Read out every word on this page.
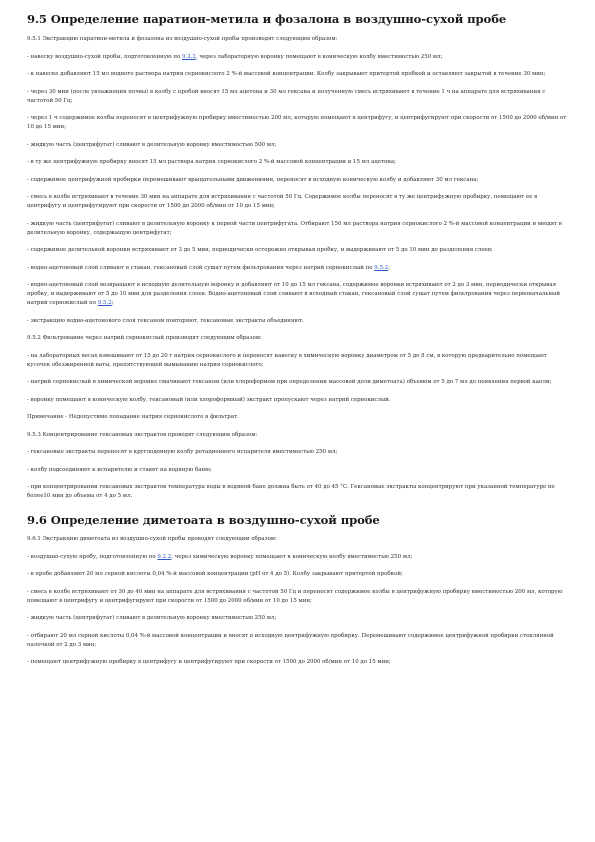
9.5 Определение паратион-метила и фозалона в воздушно-сухой пробе

9.5.1 Экстракцию паратион-метила и фозалона из воздушно-сухой пробы производят следующим образом:

- навеску воздушно-сухой пробы, подготовленную по 9.2.2, через лабораторную воронку помещают в коническую колбу вместимостью 250 мл;

- к навеске добавляют 15 мл водного раствора натрия сернокислого 2 %-й массовой концентрации. Колбу закрывают притертой пробкой и оставляют закрытой в течение 30 мин;

- через 30 мин (после увлажнения почвы) в колбу с пробой вносят 15 мл ацетона и 30 мл гексана и полученную смесь встряхивают в течение 1 ч на аппарате для встряхивания с частотой 50 Гц;

- через 1 ч содержимое колбы переносят в центрифужную пробирку вместимостью 200 мл, которую помещают в центрифугу, и центрифугируют при скорости от 1500 до 2000 об/мин от 10 до 15 мин;

- жидкую часть (центрифугат) сливают в делительную воронку вместимостью 500 мл;

- в ту же центрифужную пробирку вносят 15 мл раствора натрия сернокислого 2 %-й массовой концентрации и 15 мл ацетона;

- содержимое центрифужной пробирки перемешивают вращательными движениями, переносят в исходную коническую колбу и добавляют 30 мл гексана;

- смесь в колбе встряхивают в течение 30 мин на аппарате для встряхивания с частотой 50 Гц. Содержимое колбы переносят в ту же центрифужную пробирку, помещают ее в центрифугу и центрифугируют при скорости от 1500 до 2000 об/мин от 10 до 15 мин;

- жидкую часть (центрифугат) сливают в делительную воронку к первой части центрифугата. Отбирают 150 мл раствора натрия сернокислого 2 %-й массовой концентрации и вводят в делительную воронку, содержащую центрифугат;

- содержимое делительной воронки встряхивают от 3 до 5 мин, периодически осторожно открывая пробку, и выдерживают от 5 до 10 мин до разделения слоев;

- водно-ацетоновый слой сливают в стакан, гексановый слой сушат путем фильтрования через натрий сернокислый по 9.5.2;

- водно-ацетоновый слой возвращают в исходную делительную воронку и добавляют от 10 до 15 мл гексана, содержимое воронки встряхивают от 2 до 3 мин, периодически открывая пробку, и выдерживают от 5 до 10 мин для разделения слоев. Водно-ацетоновый слой сливают в исходный стакан, гексановый слой сушат путем фильтрования через первоначальный натрий сернокислый по 9.5.2;

- экстракцию водно-ацетонового слоя гексаном повторяют, гексановые экстракты объединяют.

9.5.2 Фильтрование через натрий сернокислый производят следующим образом:

- на лабораторных весах взвешивают от 15 до 20 г натрия сернокислого и переносят навеску в химическую воронку диаметром от 5 до 8 см, в которую предварительно помещают кусочек обезжиренной ваты, препятствующей вымыванию натрия сернокислого;

- натрий сернокислый в химической воронке смачивают гексаном (или хлороформом при определении массовой доли диметоата) объемом от 5 до 7 мл до появления первой капли;

- воронку помещают в коническую колбу, гексановый (или хлороформный) экстракт пропускают через натрий сернокислый.

Примечание - Недопустимо попадание натрия сернокислого в фильтрат.

9.5.3 Концентрирование гексановых экстрактов проводят следующим образом:

- гексановые экстракты переносят в круглодонную колбу ротационного испарителя вместимостью 250 мл;

- колбу подсоединяют к испарителю и ставят на водяную баню;

- при концентрировании гексановых экстрактов температура воды в водяной бане должна быть от 40 до 45 °С. Гексановые экстракты концентрируют при указанной температуре не более10 мин до объема от 4 до 5 мл.

9.6 Определение диметоата в воздушно-сухой пробе

9.6.1 Экстракцию диметоата из воздушно-сухой пробы проводят следующим образом:

- воздушно-сухую пробу, подготовленную по 9.2.2, через химическую воронку помещают в коническую колбу вместимостью 250 мл;

- в пробе добавляют 20 мл серной кислоты 0,04 %-й массовой концентрации (рН от 4 до 5). Колбу закрывают притертой пробкой;

- смесь в колбе встряхивают от 30 до 40 мин на аппарате для встряхивания с частотой 50 Гц и переносят содержимое колбы в центрифужную пробирку вместимостью 200 мл, которую помещают в центрифугу и центрифугируют при скорости от 1500 до 2000 об/мин от 10 до 15 мин;

- жидкую часть (центрифугат) сливают в делительную воронку вместимостью 250 мл;

- отбирают 20 мл серной кислоты 0,04 %-й массовой концентрации и вносят в исходную центрифужную пробирку. Перемешивают содержимое центрифужной пробирки стеклянной палочкой от 2 до 3 мин;

- помещают центрифужную пробирку в центрифугу и центрифугируют при скорости от 1500 до 2000 об/мин от 10 до 15 мин;
